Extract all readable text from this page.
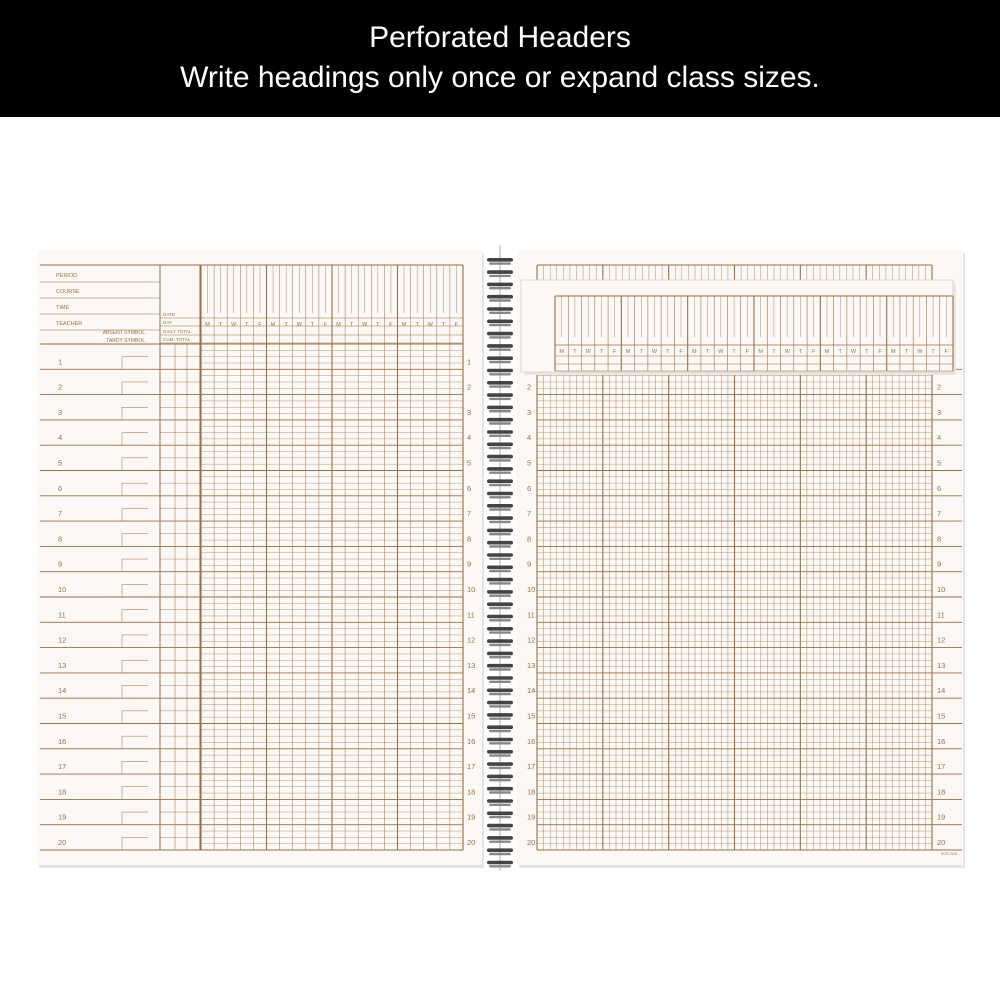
Perforated Headers
Write headings only once or expand class sizes.
PERIOD
COURSE
TIME
TEACHER
ABSENT SYMBOL
TARDY SYMBOL
DATE
DAY
DAILY TOTAL
CUM. TOTAL
M T W T F M T W T F M T W T F M T W T F
1	1
2	2
3	3
4	4
5	5
6	6
7	7
8	8
9	9
10	10
11	11
12	12
13	13
14	14
15	15
16	16
17	17
18	18
19	19
20	20
2	2
3	3
4	4
5	5
6	6
7	7
8	8
9	9
10	10
11	11
12	12
13	13
14	14
15	15
16	16
17	17
18	18
19	19
20	20
9CR-345
M T W T F M T W T F M T W T F M T W T F M T W T F M T W T F
